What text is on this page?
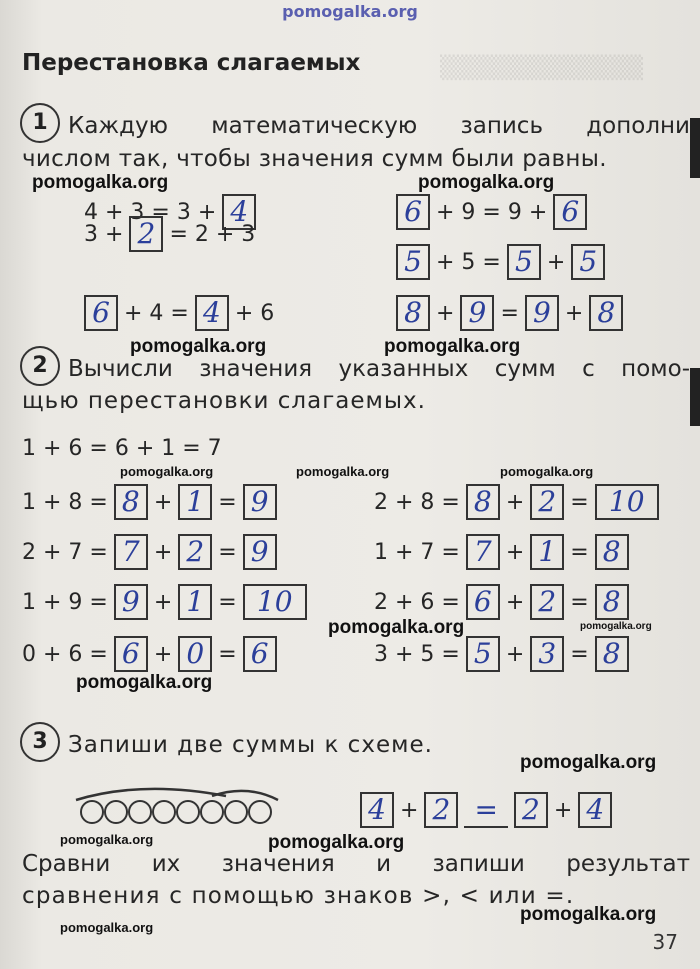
pomogalka.org
▒▒▒▒▒▒▒▒▒▒▒▒
Перестановка слагаемых
1 Каждую математическую запись дополни
числом так, чтобы значения сумм были равны.
pomogalka.org	pomogalka.org
4 + 3 = 3 + 4
3 + 2 = 2 + 3
6 + 4 = 4 + 6
6 + 9 = 9 + 6
5 + 5 = 5 + 5
8 + 9 = 9 + 8
pomogalka.org	pomogalka.org
2 Вычисли значения указанных сумм с помо-
щью перестановки слагаемых.
1 + 6 = 6 + 1 = 7
pomogalka.org	pomogalka.org	pomogalka.org
1 + 8 = 8 + 1 = 9
2 + 7 = 7 + 2 = 9
1 + 9 = 9 + 1 = 10
0 + 6 = 6 + 0 = 6
2 + 8 = 8 + 2 = 10
1 + 7 = 7 + 1 = 8
2 + 6 = 6 + 2 = 8
3 + 5 = 5 + 3 = 8
pomogalka.org	pomogalka.org
pomogalka.org
3 Запиши две суммы к схеме.
pomogalka.org
4 + 2 = 2 + 4
pomogalka.org	pomogalka.org
Сравни их значения и запиши результат
сравнения с помощью знаков >, < или =.
pomogalka.org
pomogalka.org
37
